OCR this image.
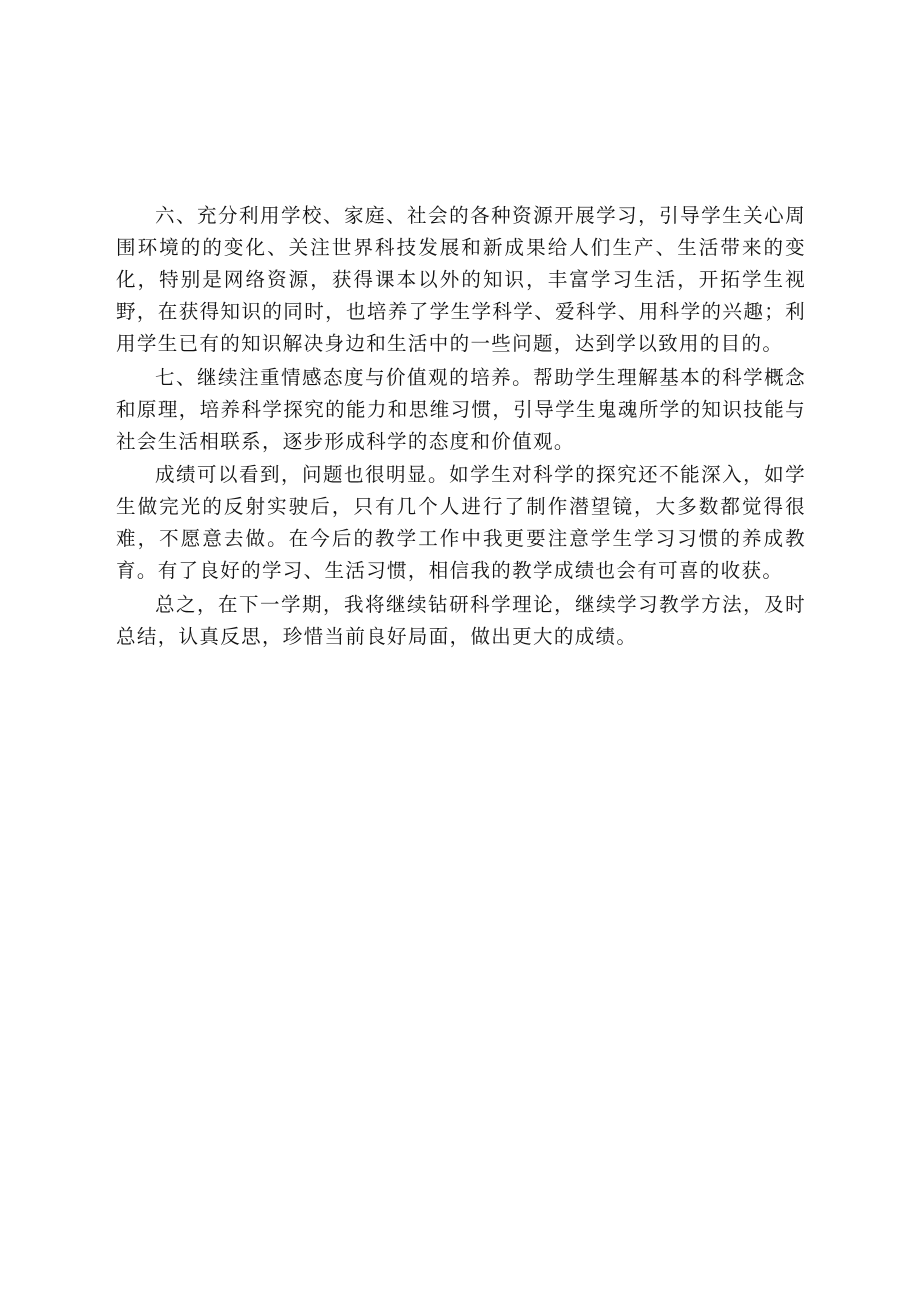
六、充分利用学校、家庭、社会的各种资源开展学习，引导学生关心周围环境的的变化、关注世界科技发展和新成果给人们生产、生活带来的变化，特别是网络资源，获得课本以外的知识，丰富学习生活，开拓学生视野，在获得知识的同时，也培养了学生学科学、爱科学、用科学的兴趣；利用学生已有的知识解决身边和生活中的一些问题，达到学以致用的目的。

七、继续注重情感态度与价值观的培养。帮助学生理解基本的科学概念和原理，培养科学探究的能力和思维习惯，引导学生鬼魂所学的知识技能与社会生活相联系，逐步形成科学的态度和价值观。

成绩可以看到，问题也很明显。如学生对科学的探究还不能深入，如学生做完光的反射实驶后，只有几个人进行了制作潜望镜，大多数都觉得很难，不愿意去做。在今后的教学工作中我更要注意学生学习习惯的养成教育。有了良好的学习、生活习惯，相信我的教学成绩也会有可喜的收获。

总之，在下一学期，我将继续钻研科学理论，继续学习教学方法，及时总结，认真反思，珍惜当前良好局面，做出更大的成绩。
